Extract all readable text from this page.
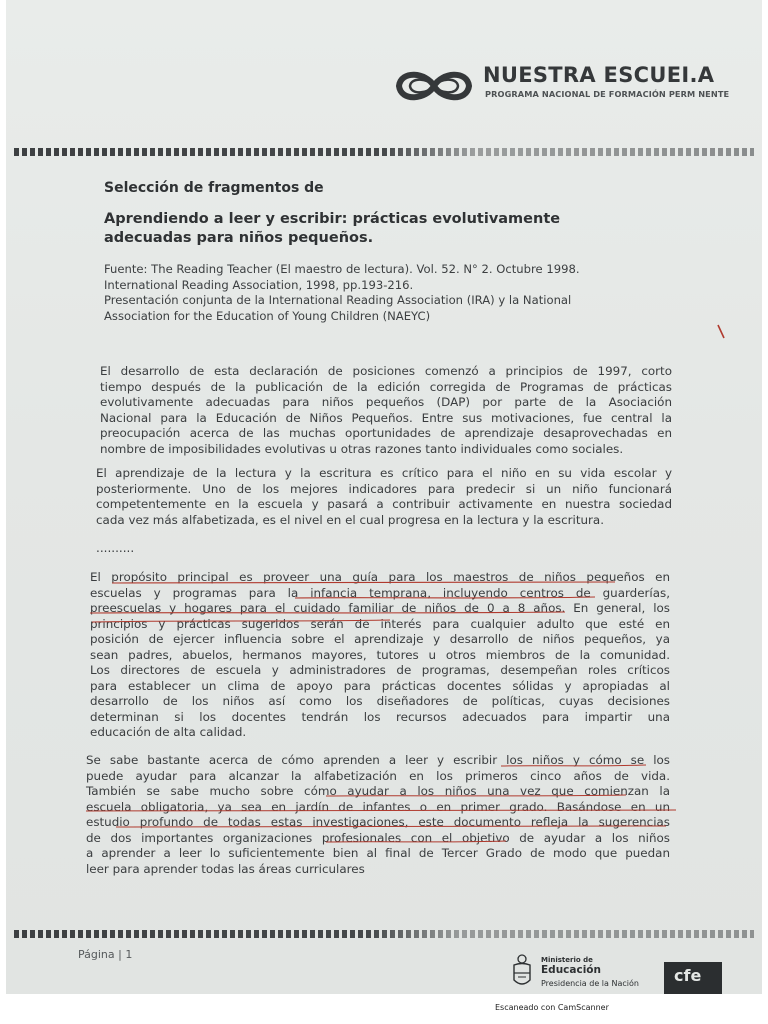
NUESTRA ESCUEI.A
PROGRAMA NACIONAL DE FORMACIÓN PERM NENTE
Selección de fragmentos de
Aprendiendo a leer y escribir: prácticas evolutivamente
adecuadas para niños pequeños.
Fuente: The Reading Teacher (El maestro de lectura). Vol. 52. N° 2. Octubre 1998.
International Reading Association, 1998, pp.193-216.
Presentación conjunta de la International Reading Association (IRA) y la National
Association for the Education of Young Children (NAEYC)
El desarrollo de esta declaración de posiciones comenzó a principios de 1997, corto
tiempo después de la publicación de la edición corregida de Programas de prácticas
evolutivamente adecuadas para niños pequeños (DAP) por parte de la Asociación
Nacional para la Educación de Niños Pequeños. Entre sus motivaciones, fue central la
preocupación acerca de las muchas oportunidades de aprendizaje desaprovechadas en
nombre de imposibilidades evolutivas u otras razones tanto individuales como sociales.
El aprendizaje de la lectura y la escritura es crítico para el niño en su vida escolar y
posteriormente. Uno de los mejores indicadores para predecir si un niño funcionará
competentemente en la escuela y pasará a contribuir activamente en nuestra sociedad
cada vez más alfabetizada, es el nivel en el cual progresa en la lectura y la escritura.
..........
El propósito principal es proveer una guía para los maestros de niños pequeños en
escuelas y programas para la infancia temprana, incluyendo centros de guarderías,
preescuelas y hogares para el cuidado familiar de niños de 0 a 8 años. En general, los
principios y prácticas sugeridos serán de interés para cualquier adulto que esté en
posición de ejercer influencia sobre el aprendizaje y desarrollo de niños pequeños, ya
sean padres, abuelos, hermanos mayores, tutores u otros miembros de la comunidad.
Los directores de escuela y administradores de programas, desempeñan roles críticos
para establecer un clima de apoyo para prácticas docentes sólidas y apropiadas al
desarrollo de los niños así como los diseñadores de políticas, cuyas decisiones
determinan si los docentes tendrán los recursos adecuados para impartir una
educación de alta calidad.
Se sabe bastante acerca de cómo aprenden a leer y escribir los niños y cómo se los
puede ayudar para alcanzar la alfabetización en los primeros cinco años de vida.
También se sabe mucho sobre cómo ayudar a los niños una vez que comienzan la
escuela obligatoria, ya sea en jardín de infantes o en primer grado. Basándose en un
estudio profundo de todas estas investigaciones, este documento refleja la sugerencias
de dos importantes organizaciones profesionales con el objetivo de ayudar a los niños
a aprender a leer lo suficientemente bien al final de Tercer Grado de modo que puedan
leer para aprender todas las áreas curriculares
Página | 1	Ministerio de
Educación
Presidencia de la Nación cfe
Escaneado con CamScanner
